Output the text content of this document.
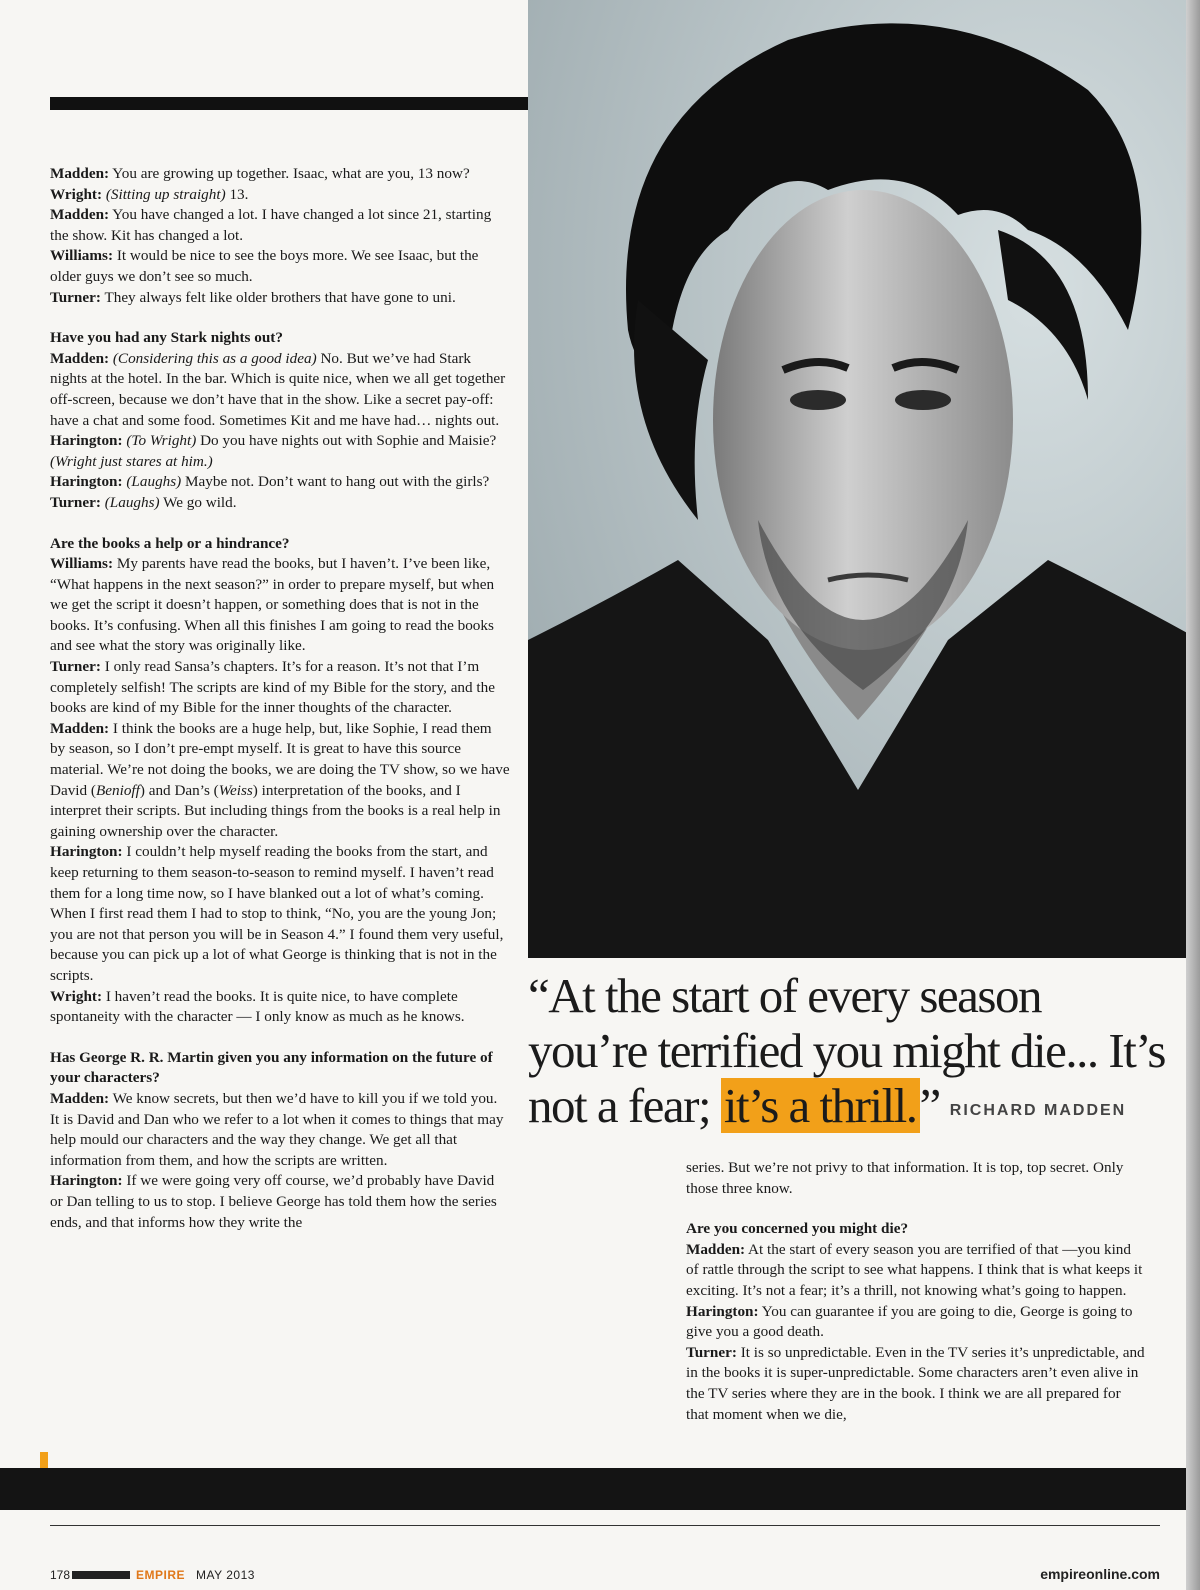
Madden: You are growing up together. Isaac, what are you, 13 now?

Wright: (Sitting up straight) 13.

Madden: You have changed a lot. I have changed a lot since 21, starting the show. Kit has changed a lot.

Williams: It would be nice to see the boys more. We see Isaac, but the older guys we don’t see so much.

Turner: They always felt like older brothers that have gone to uni.

Have you had any Stark nights out?

Madden: (Considering this as a good idea) No. But we’ve had Stark nights at the hotel. In the bar. Which is quite nice, when we all get together off-screen, because we don’t have that in the show. Like a secret pay-off: have a chat and some food. Sometimes Kit and me have had… nights out.

Harington: (To Wright) Do you have nights out with Sophie and Maisie?

(Wright just stares at him.)

Harington: (Laughs) Maybe not. Don’t want to hang out with the girls?

Turner: (Laughs) We go wild.

Are the books a help or a hindrance?

Williams: My parents have read the books, but I haven’t. I’ve been like, “What happens in the next season?” in order to prepare myself, but when we get the script it doesn’t happen, or something does that is not in the books. It’s confusing. When all this finishes I am going to read the books and see what the story was originally like.

Turner: I only read Sansa’s chapters. It’s for a reason. It’s not that I’m completely selfish! The scripts are kind of my Bible for the story, and the books are kind of my Bible for the inner thoughts of the character.

Madden: I think the books are a huge help, but, like Sophie, I read them by season, so I don’t pre-empt myself. It is great to have this source material. We’re not doing the books, we are doing the TV show, so we have David (Benioff) and Dan’s (Weiss) interpretation of the books, and I interpret their scripts. But including things from the books is a real help in gaining ownership over the character.

Harington: I couldn’t help myself reading the books from the start, and keep returning to them season-to-season to remind myself. I haven’t read them for a long time now, so I have blanked out a lot of what’s coming. When I first read them I had to stop to think, “No, you are the young Jon; you are not that person you will be in Season 4.” I found them very useful, because you can pick up a lot of what George is thinking that is not in the scripts.

Wright: I haven’t read the books. It is quite nice, to have complete spontaneity with the character — I only know as much as he knows.

Has George R. R. Martin given you any information on the future of your characters?

Madden: We know secrets, but then we’d have to kill you if we told you. It is David and Dan who we refer to a lot when it comes to things that may help mould our characters and the way they change. We get all that information from them, and how the scripts are written.

Harington: If we were going very off course, we’d probably have David or Dan telling to us to stop. I believe George has told them how the series ends, and that informs how they write the

“At the start of every season you’re terrified you might die... It’s not a fear; it’s a thrill.” RICHARD MADDEN

series. But we’re not privy to that information. It is top, top secret. Only those three know.

Are you concerned you might die?

Madden: At the start of every season you are terrified of that —you kind of rattle through the script to see what happens. I think that is what keeps it exciting. It’s not a fear; it’s a thrill, not knowing what’s going to happen.

Harington: You can guarantee if you are going to die, George is going to give you a good death.

Turner: It is so unpredictable. Even in the TV series it’s unpredictable, and in the books it is super-unpredictable. Some characters aren’t even alive in the TV series where they are in the book. I think we are all prepared for that moment when we die,

178	EMPIRE MAY 2013	empireonline.com
